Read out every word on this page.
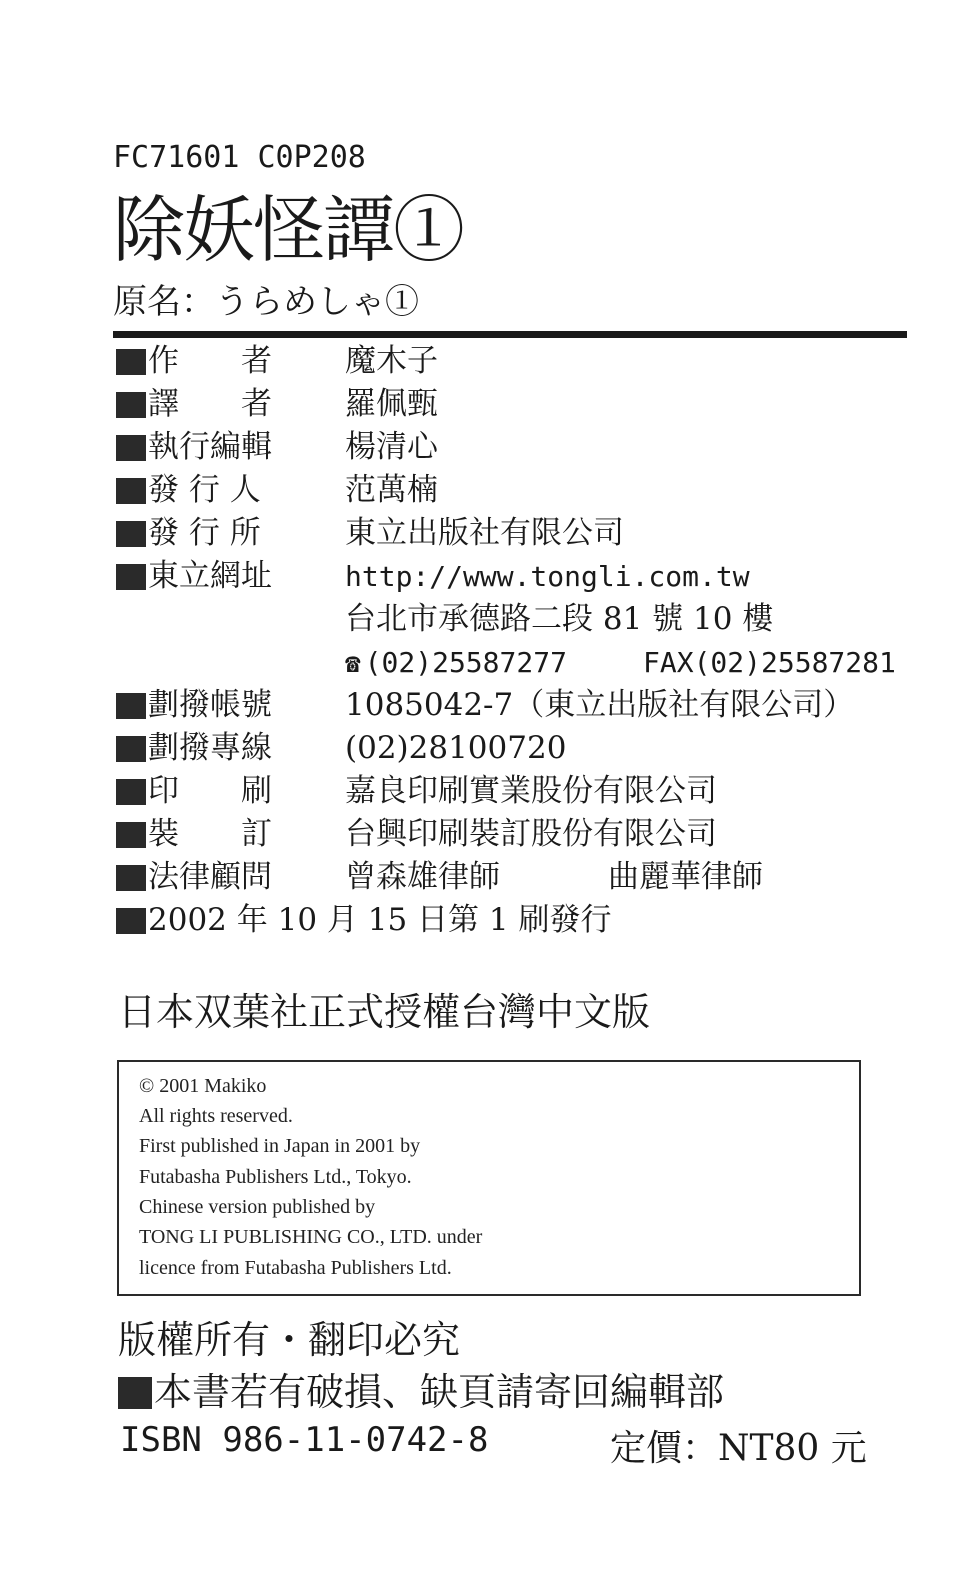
FC71601 C0P208
除妖怪譚①
原名：うらめしゃ①
作　　者	魔木子
譯　　者	羅佩甄
執行編輯	楊清心
發 行 人	范萬楠
發 行 所	東立出版社有限公司
東立網址	http://www.tongli.com.tw
台北市承德路二段 81 號 10 樓
☎ (02)25587277	FAX(02)25587281
劃撥帳號	1085042-7（東立出版社有限公司）
劃撥專線	(02)28100720
印　　刷	嘉良印刷實業股份有限公司
裝　　訂	台興印刷裝訂股份有限公司
法律顧問	曾森雄律師	曲麗華律師
2002 年 10 月 15 日第 1 刷發行
日本双葉社正式授權台灣中文版
© 2001 Makiko
All rights reserved.
First published in Japan in 2001 by
Futabasha Publishers Ltd., Tokyo.
Chinese version published by
TONG LI PUBLISHING CO., LTD. under
licence from Futabasha Publishers Ltd.
版權所有・翻印必究
本書若有破損、缺頁請寄回編輯部
ISBN 986-11-0742-8	定價：NT80 元
